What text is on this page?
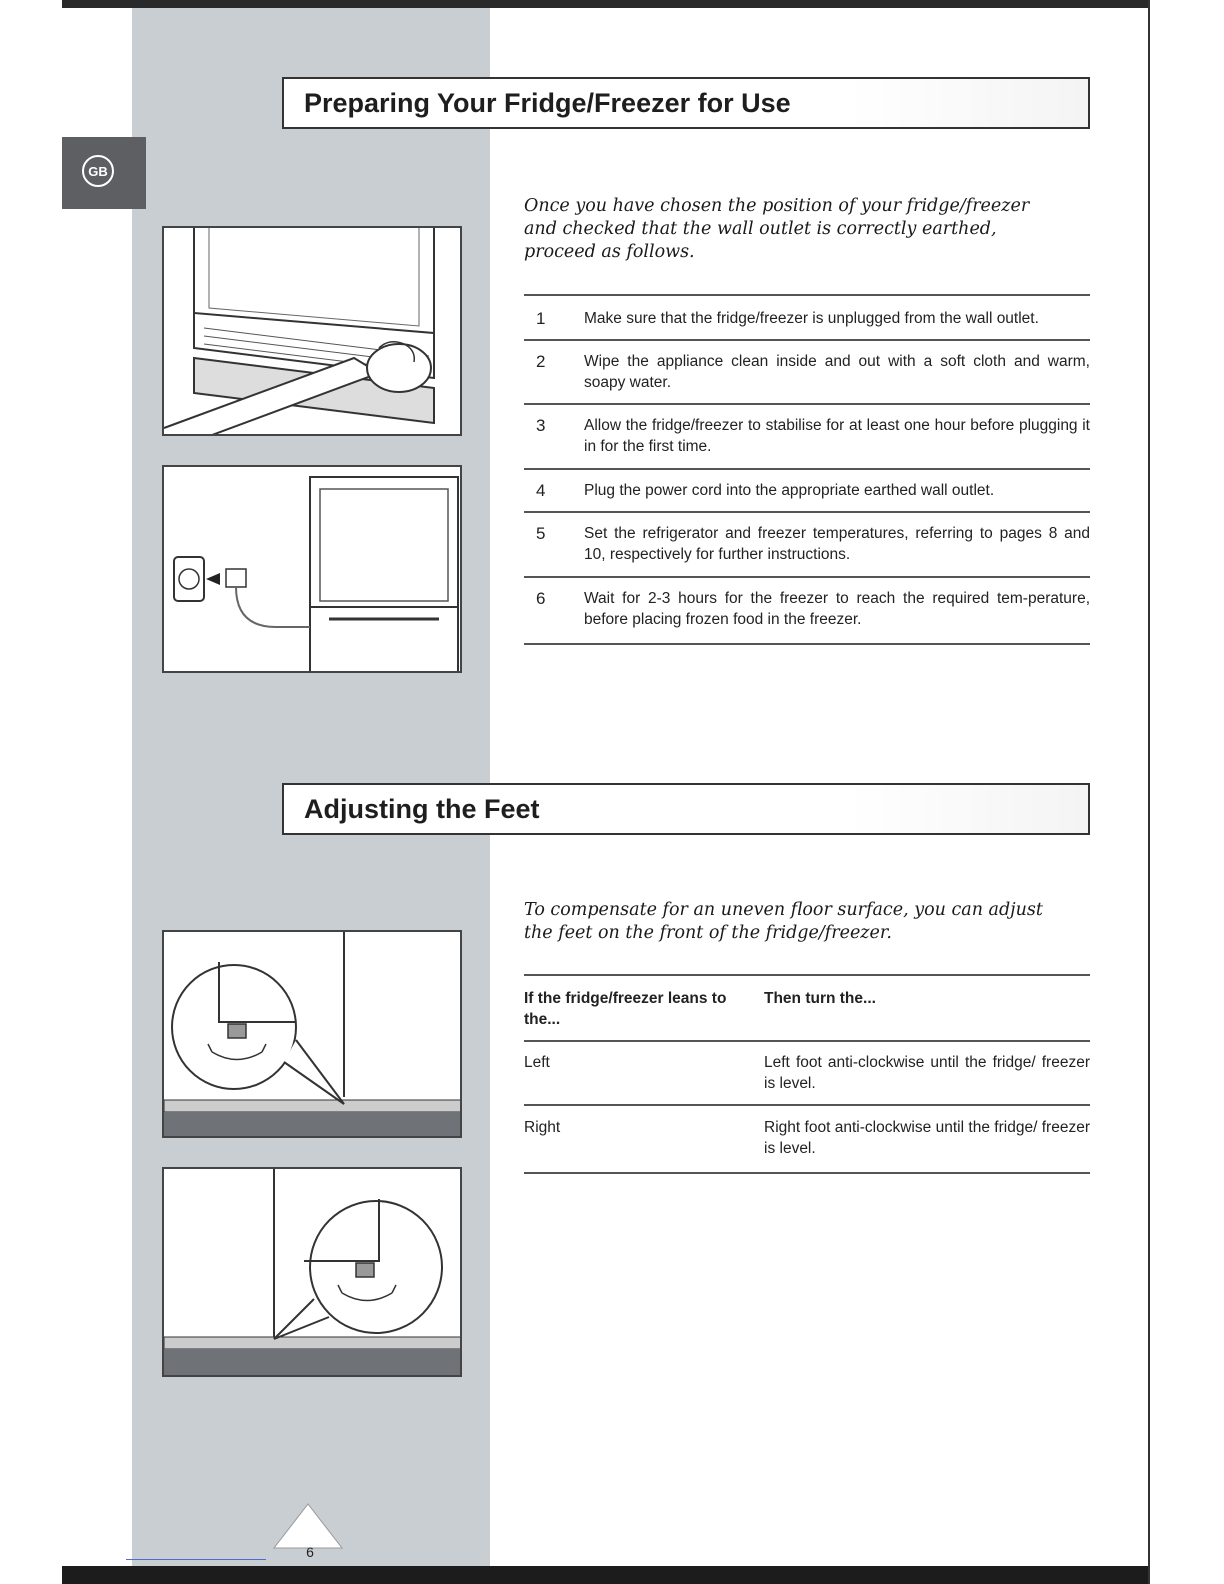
GB
Preparing Your Fridge/Freezer for Use
Once you have chosen the position of your fridge/freezer and checked that the wall outlet is correctly earthed, proceed as follows.
1 Make sure that the fridge/freezer is unplugged from the wall outlet.
2 Wipe the appliance clean inside and out with a soft cloth and warm, soapy water.
3 Allow the fridge/freezer to stabilise for at least one hour before plugging it in for the first time.
4 Plug the power cord into the appropriate earthed wall outlet.
5 Set the refrigerator and freezer temperatures, referring to pages 8 and 10, respectively for further instructions.
6 Wait for 2-3 hours for the freezer to reach the required tem-perature, before placing frozen food in the freezer.
Adjusting the Feet
To compensate for an uneven floor surface, you can adjust the feet on the front of the fridge/freezer.
If the fridge/freezer leans to the...
Then turn the...
Left	Left foot anti-clockwise until the fridge/ freezer is level.
Right	Right foot anti-clockwise until the fridge/ freezer is level.
6
